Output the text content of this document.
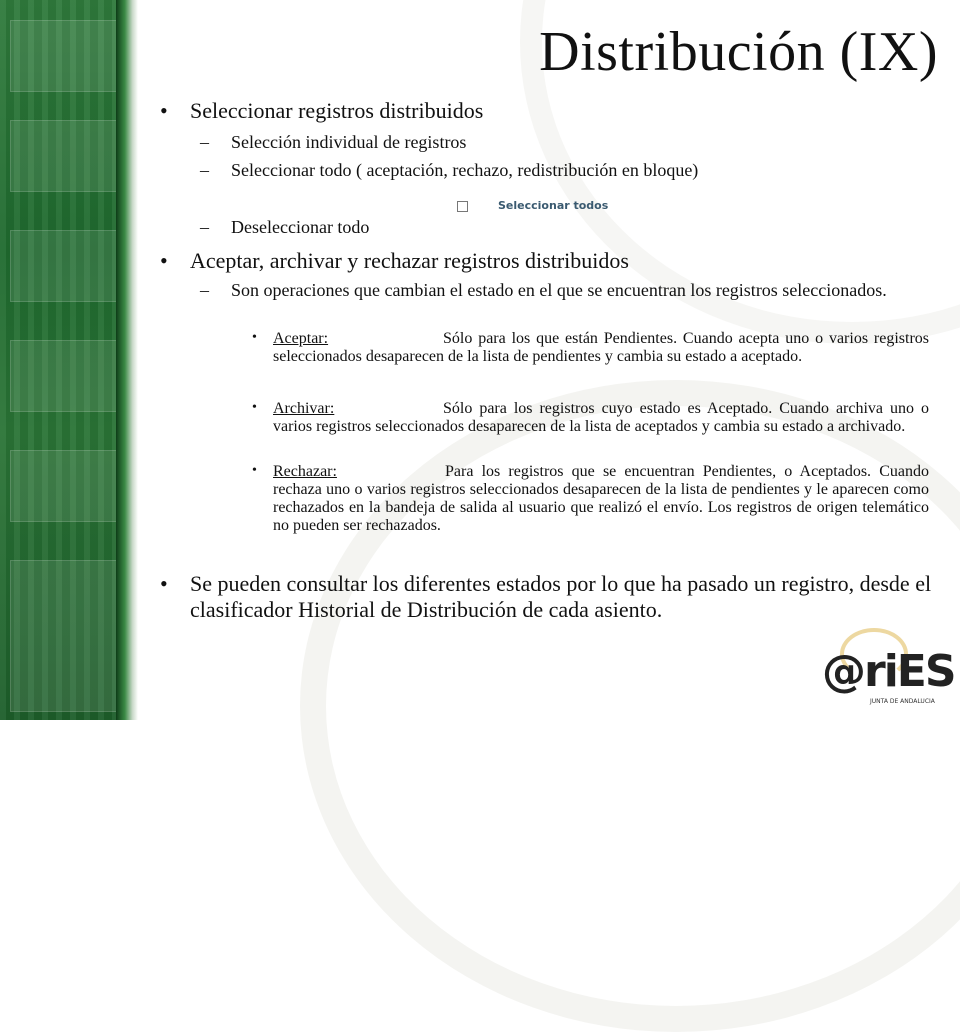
Distribución (IX)
• Seleccionar registros distribuidos
– Selección individual de registros
– Seleccionar todo ( aceptación, rechazo, redistribución en bloque)
– Deseleccionar todo
• Aceptar, archivar y rechazar registros distribuidos
– Son operaciones que cambian el estado en el que se encuentran los registros seleccionados.
• Aceptar:	Sólo para los que están Pendientes. Cuando acepta uno o varios registros seleccionados desaparecen de la lista de pendientes y cambia su estado a aceptado.
• Archivar:	Sólo para los registros cuyo estado es Aceptado. Cuando archiva uno o varios registros seleccionados desaparecen de la lista de aceptados y cambia su estado a archivado.
• Rechazar:	Para los registros que se encuentran Pendientes, o Aceptados. Cuando rechaza uno o varios registros seleccionados desaparecen de la lista de pendientes y le aparecen como rechazados en la bandeja de salida al usuario que realizó el envío. Los registros de origen telemático no pueden ser rechazados.
• Se pueden consultar los diferentes estados por lo que ha pasado un registro, desde el clasificador Historial de Distribución de cada asiento.
Seleccionar todos
@riES
JUNTA DE ANDALUCIA
